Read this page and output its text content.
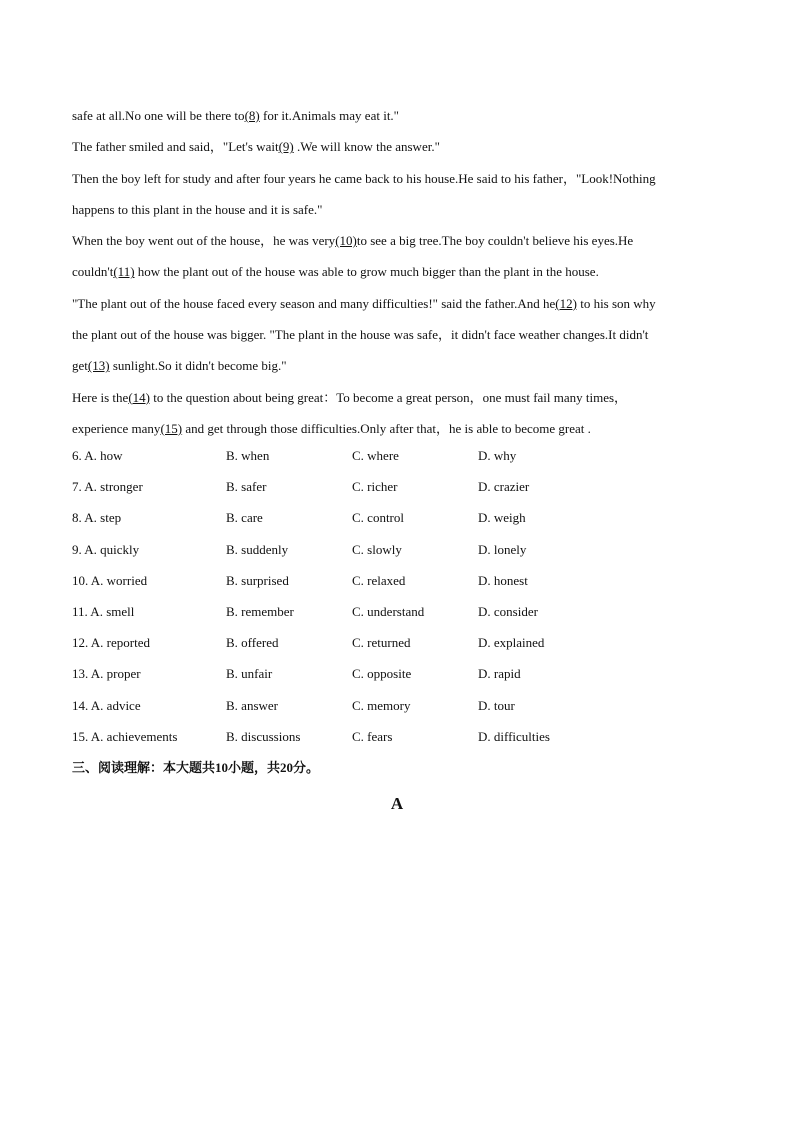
safe at all.No one will be there to(8) for it.Animals may eat it."
The father smiled and said，"Let's wait(9) .We will know the answer."
Then the boy left for study and after four years he came back to his house.He said to his father，"Look!Nothing
happens to this plant in the house and it is safe."
When the boy went out of the house，he was very(10)to see a big tree.The boy couldn't believe his eyes.He
couldn't(11) how the plant out of the house was able to grow much bigger than the plant in the house.
"The plant out of the house faced every season and many difficulties!" said the father.And he(12) to his son why
the plant out of the house was bigger. "The plant in the house was safe，it didn't face weather changes.It didn't
get(13) sunlight.So it didn't become big."
Here is the(14) to the question about being great：To become a great person，one must fail many times，
experience many(15) and get through those difficulties.Only after that，he is able to become great .
6. A. how	B. when	C. where	D. why
7. A. stronger	B. safer	C. richer	D. crazier
8. A. step	B. care	C. control	D. weigh
9. A. quickly	B. suddenly	C. slowly	D. lonely
10. A. worried	B. surprised	C. relaxed	D. honest
11. A. smell	B. remember	C. understand	D. consider
12. A. reported	B. offered	C. returned	D. explained
13. A. proper	B. unfair	C. opposite	D. rapid
14. A. advice	B. answer	C. memory	D. tour
15. A. achievements	B. discussions	C. fears	D. difficulties
三、阅读理解：本大题共10小题，共20分。
A
